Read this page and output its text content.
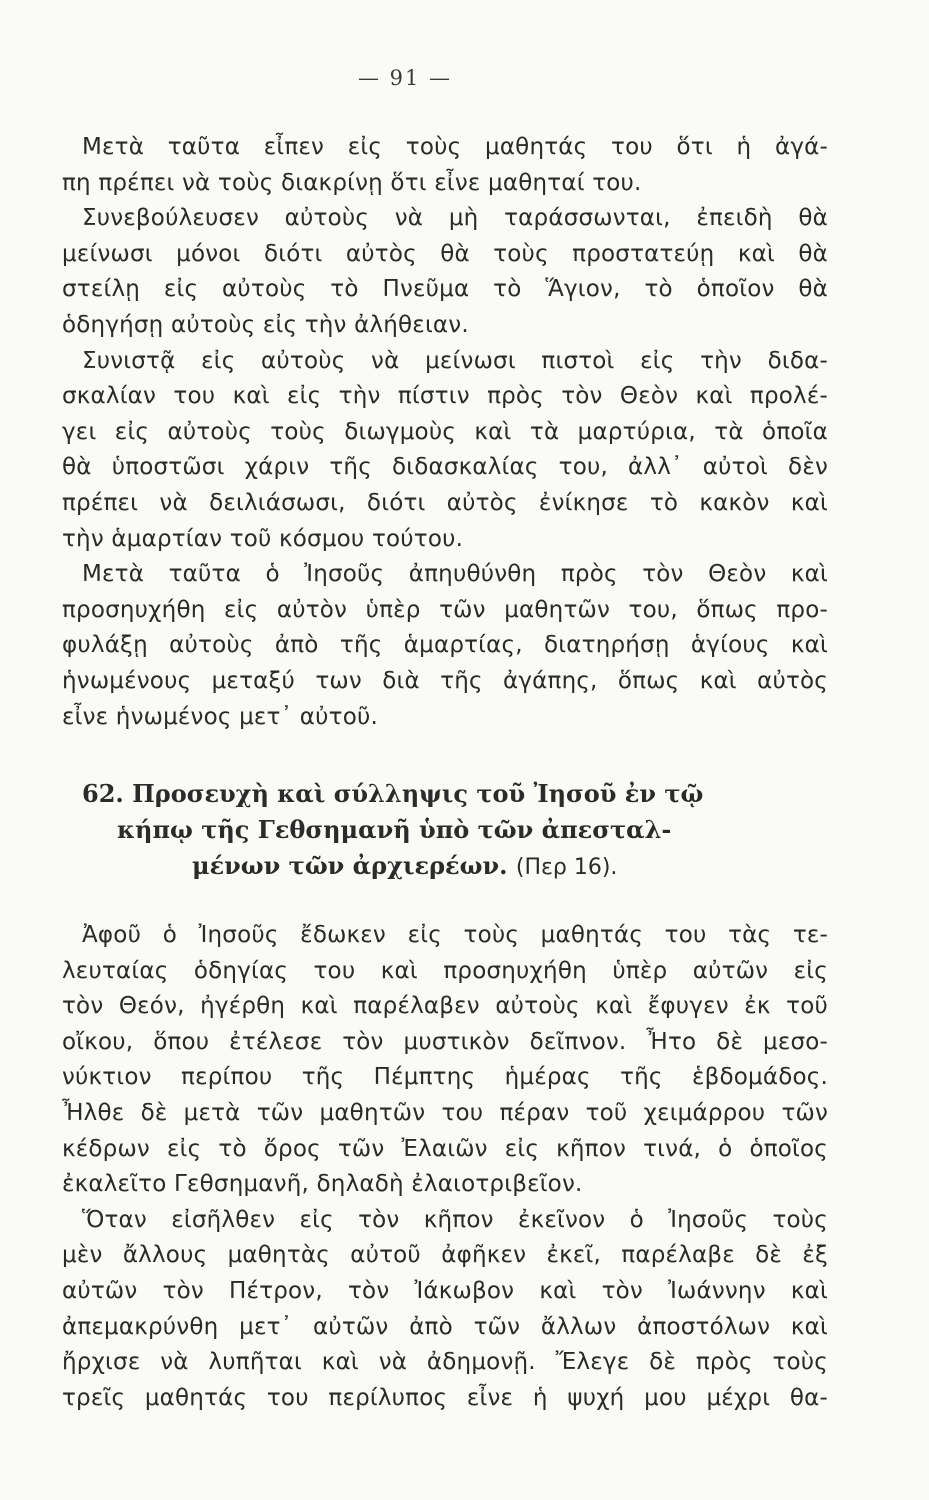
— 91 —
Μετὰ ταῦτα εἶπεν εἰς τοὺς μαθητάς του ὅτι ἡ ἀγά-
πη πρέπει νὰ τοὺς διακρίνῃ ὅτι εἶνε μαθηταί του.
Συνεβούλευσεν αὐτοὺς νὰ μὴ ταράσσωνται, ἐπειδὴ θὰ
μείνωσι μόνοι διότι αὐτὸς θὰ τοὺς προστατεύῃ καὶ θὰ
στείλῃ εἰς αὐτοὺς τὸ Πνεῦμα τὸ Ἅγιον, τὸ ὁποῖον θὰ
ὁδηγήσῃ αὐτοὺς εἰς τὴν ἀλήθειαν.
Συνιστᾷ εἰς αὐτοὺς νὰ μείνωσι πιστοὶ εἰς τὴν διδα-
σκαλίαν του καὶ εἰς τὴν πίστιν πρὸς τὸν Θεὸν καὶ προλέ-
γει εἰς αὐτοὺς τοὺς διωγμοὺς καὶ τὰ μαρτύρια, τὰ ὁποῖα
θὰ ὑποστῶσι χάριν τῆς διδασκαλίας του, ἀλλ᾽ αὐτοὶ δὲν
πρέπει νὰ δειλιάσωσι, διότι αὐτὸς ἐνίκησε τὸ κακὸν καὶ
τὴν ἁμαρτίαν τοῦ κόσμου τούτου.
Μετὰ ταῦτα ὁ Ἰησοῦς ἀπηυθύνθη πρὸς τὸν Θεὸν καὶ
προσηυχήθη εἰς αὐτὸν ὑπὲρ τῶν μαθητῶν του, ὅπως προ-
φυλάξῃ αὐτοὺς ἀπὸ τῆς ἁμαρτίας, διατηρήσῃ ἁγίους καὶ
ἡνωμένους μεταξύ των διὰ τῆς ἀγάπης, ὅπως καὶ αὐτὸς
εἶνε ἡνωμένος μετ᾽ αὐτοῦ.
62. Προσευχὴ καὶ σύλληψις τοῦ Ἰησοῦ ἐν τῷ
κήπῳ τῆς Γεθσημανῆ ὑπὸ τῶν ἀπεσταλ-
μένων τῶν ἀρχιερέων. (Περ 16).
Ἀφοῦ ὁ Ἰησοῦς ἔδωκεν εἰς τοὺς μαθητάς του τὰς τε-
λευταίας ὁδηγίας του καὶ προσηυχήθη ὑπὲρ αὐτῶν εἰς
τὸν Θεόν, ἠγέρθη καὶ παρέλαβεν αὐτοὺς καὶ ἔφυγεν ἐκ τοῦ
οἴκου, ὅπου ἐτέλεσε τὸν μυστικὸν δεῖπνον. Ἦτο δὲ μεσο-
νύκτιον περίπου τῆς Πέμπτης ἡμέρας τῆς ἑβδομάδος.
Ἦλθε δὲ μετὰ τῶν μαθητῶν του πέραν τοῦ χειμάρρου τῶν
κέδρων εἰς τὸ ὄρος τῶν Ἐλαιῶν εἰς κῆπον τινά, ὁ ὁποῖος
ἐκαλεῖτο Γεθσημανῆ, δηλαδὴ ἐλαιοτριβεῖον.
Ὅταν εἰσῆλθεν εἰς τὸν κῆπον ἐκεῖνον ὁ Ἰησοῦς τοὺς
μὲν ἄλλους μαθητὰς αὐτοῦ ἀφῆκεν ἐκεῖ, παρέλαβε δὲ ἐξ
αὐτῶν τὸν Πέτρον, τὸν Ἰάκωβον καὶ τὸν Ἰωάννην καὶ
ἀπεμακρύνθη μετ᾽ αὐτῶν ἀπὸ τῶν ἄλλων ἀποστόλων καὶ
ἤρχισε νὰ λυπῆται καὶ νὰ ἀδημονῇ. Ἔλεγε δὲ πρὸς τοὺς
τρεῖς μαθητάς του περίλυπος εἶνε ἡ ψυχή μου μέχρι θα-
